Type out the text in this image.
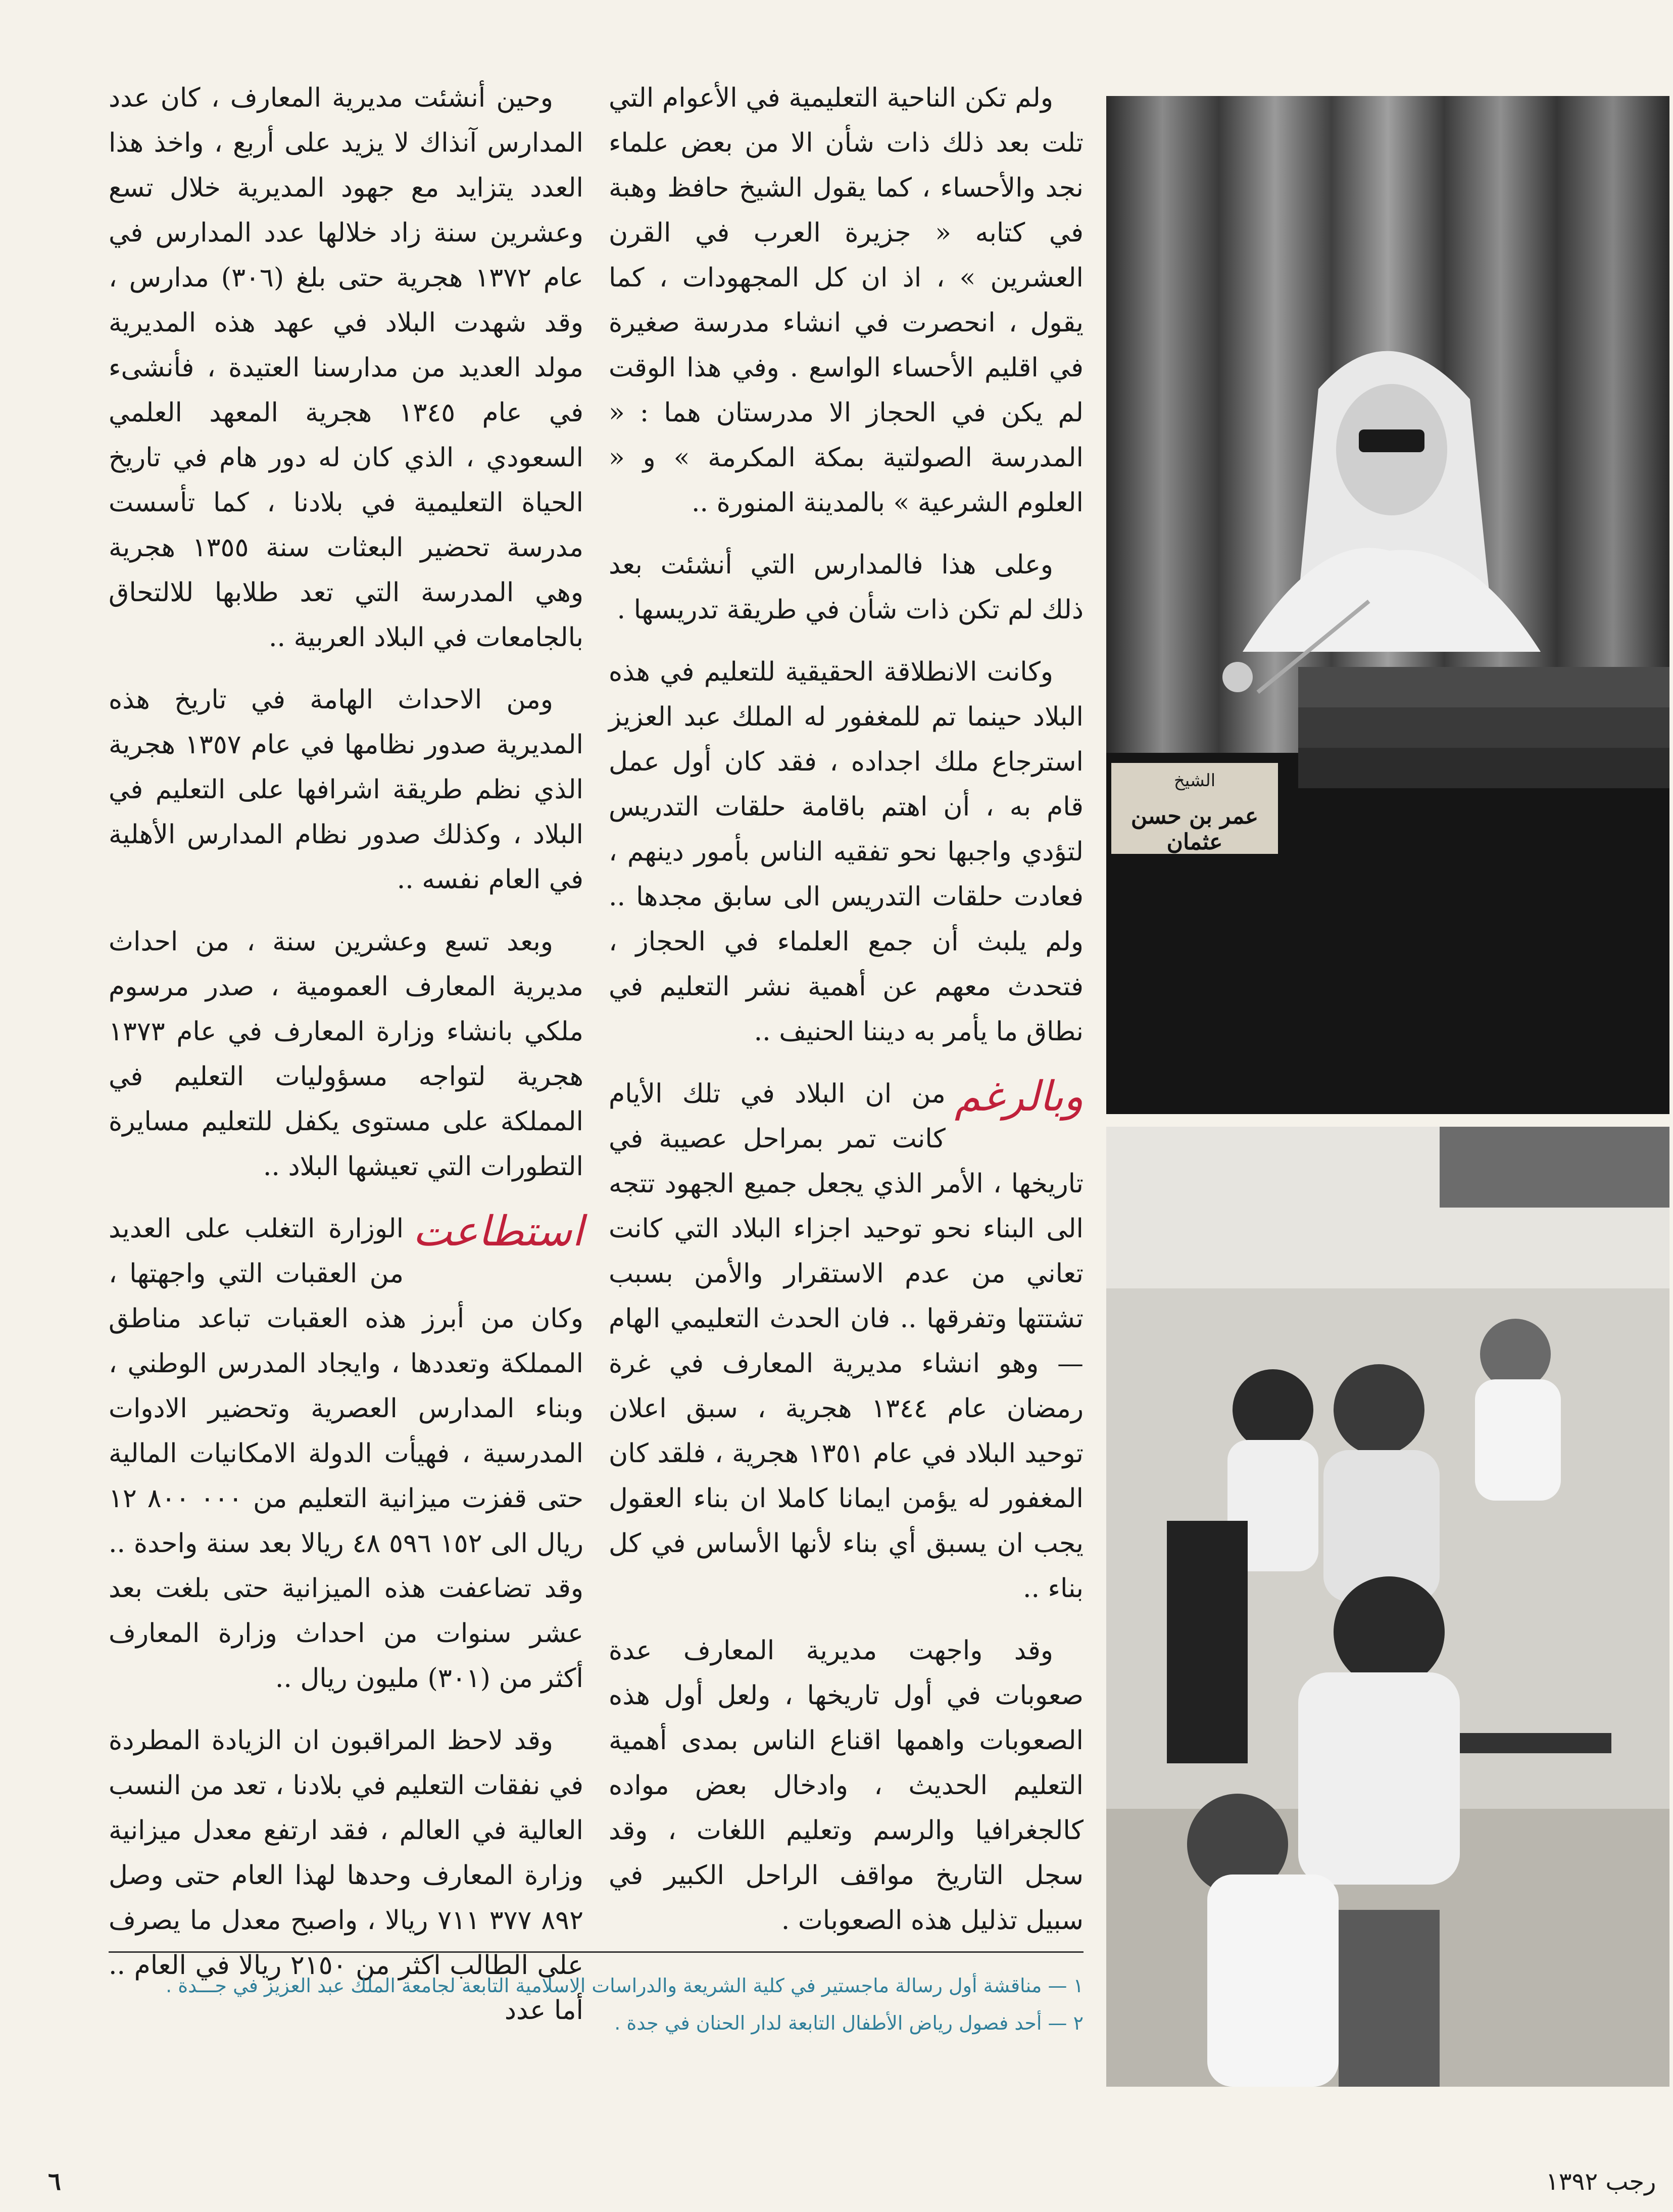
ولم تكن الناحية التعليمية في الأعوام التي تلت بعد ذلك ذات شأن الا من بعض علماء نجد والأحساء ، كما يقول الشيخ حافظ وهبة في كتابه « جزيرة العرب في القرن العشرين » ، اذ ان كل المجهودات ، كما يقول ، انحصرت في انشاء مدرسة صغيرة في اقليم الأحساء الواسع . وفي هذا الوقت لم يكن في الحجاز الا مدرستان هما : « المدرسة الصولتية بمكة المكرمة » و « العلوم الشرعية » بالمدينة المنورة ..

وعلى هذا فالمدارس التي أنشئت بعد ذلك لم تكن ذات شأن في طريقة تدريسها .

وكانت الانطلاقة الحقيقية للتعليم في هذه البلاد حينما تم للمغفور له الملك عبد العزيز استرجاع ملك اجداده ، فقد كان أول عمل قام به ، أن اهتم باقامة حلقات التدريس لتؤدي واجبها نحو تفقيه الناس بأمور دينهم ، فعادت حلقات التدريس الى سابق مجدها .. ولم يلبث أن جمع العلماء في الحجاز ، فتحدث معهم عن أهمية نشر التعليم في نطاق ما يأمر به ديننا الحنيف ..

وبالرغم
من ان البلاد في تلك الأيام كانت تمر بمراحل عصيبة في تاريخها ، الأمر الذي يجعل جميع الجهود تتجه الى البناء نحو توحيد اجزاء البلاد التي كانت تعاني من عدم الاستقرار والأمن بسبب تشتتها وتفرقها .. فان الحدث التعليمي الهام — وهو انشاء مديرية المعارف في غرة رمضان عام ١٣٤٤ هجرية ، سبق اعلان توحيد البلاد في عام ١٣٥١ هجرية ، فلقد كان المغفور له يؤمن ايمانا كاملا ان بناء العقول يجب ان يسبق أي بناء لأنها الأساس في كل بناء ..

وقد واجهت مديرية المعارف عدة صعوبات في أول تاريخها ، ولعل أول هذه الصعوبات واهمها اقناع الناس بمدى أهمية التعليم الحديث ، وادخال بعض مواده كالجغرافيا والرسم وتعليم اللغات ، وقد سجل التاريخ مواقف الراحل الكبير في سبيل تذليل هذه الصعوبات .

وحين أنشئت مديرية المعارف ، كان عدد المدارس آنذاك لا يزيد على أربع ، واخذ هذا العدد يتزايد مع جهود المديرية خلال تسع وعشرين سنة زاد خلالها عدد المدارس في عام ١٣٧٢ هجرية حتى بلغ (٣٠٦) مدارس ، وقد شهدت البلاد في عهد هذه المديرية مولد العديد من مدارسنا العتيدة ، فأنشىء في عام ١٣٤٥ هجرية المعهد العلمي السعودي ، الذي كان له دور هام في تاريخ الحياة التعليمية في بلادنا ، كما تأسست مدرسة تحضير البعثات سنة ١٣٥٥ هجرية وهي المدرسة التي تعد طلابها للالتحاق بالجامعات في البلاد العربية ..

ومن الاحداث الهامة في تاريخ هذه المديرية صدور نظامها في عام ١٣٥٧ هجرية الذي نظم طريقة اشرافها على التعليم في البلاد ، وكذلك صدور نظام المدارس الأهلية في العام نفسه ..

وبعد تسع وعشرين سنة ، من احداث مديرية المعارف العمومية ، صدر مرسوم ملكي بانشاء وزارة المعارف في عام ١٣٧٣ هجرية لتواجه مسؤوليات التعليم في المملكة على مستوى يكفل للتعليم مسايرة التطورات التي تعيشها البلاد ..

استطاعت
الوزارة التغلب على العديد من العقبات التي واجهتها ، وكان من أبرز هذه العقبات تباعد مناطق المملكة وتعددها ، وايجاد المدرس الوطني ، وبناء المدارس العصرية وتحضير الادوات المدرسية ، فهيأت الدولة الامكانيات المالية حتى قفزت ميزانية التعليم من ٠٠٠ ٨٠٠ ١٢ ريال الى ١٥٢ ٥٩٦ ٤٨ ريالا بعد سنة واحدة .. وقد تضاعفت هذه الميزانية حتى بلغت بعد عشر سنوات من احداث وزارة المعارف أكثر من (٣٠١) مليون ريال ..

وقد لاحظ المراقبون ان الزيادة المطردة في نفقات التعليم في بلادنا ، تعد من النسب العالية في العالم ، فقد ارتفع معدل ميزانية وزارة المعارف وحدها لهذا العام حتى وصل ٨٩٢ ٣٧٧ ٧١١ ريالا ، واصبح معدل ما يصرف على الطالب اكثر من ٢١٥٠ ريالا في العام .. أما عدد

الشيخ
عمر بن حسن عثمان

١ — مناقشة أول رسالة ماجستير في كلية الشريعة والدراسات الاسلامية التابعة لجامعة الملك عبد العزيز في جـــدة .

٢ — أحد فصول رياض الأطفال التابعة لدار الحنان في جدة .

٦	رجب ١٣٩٢
